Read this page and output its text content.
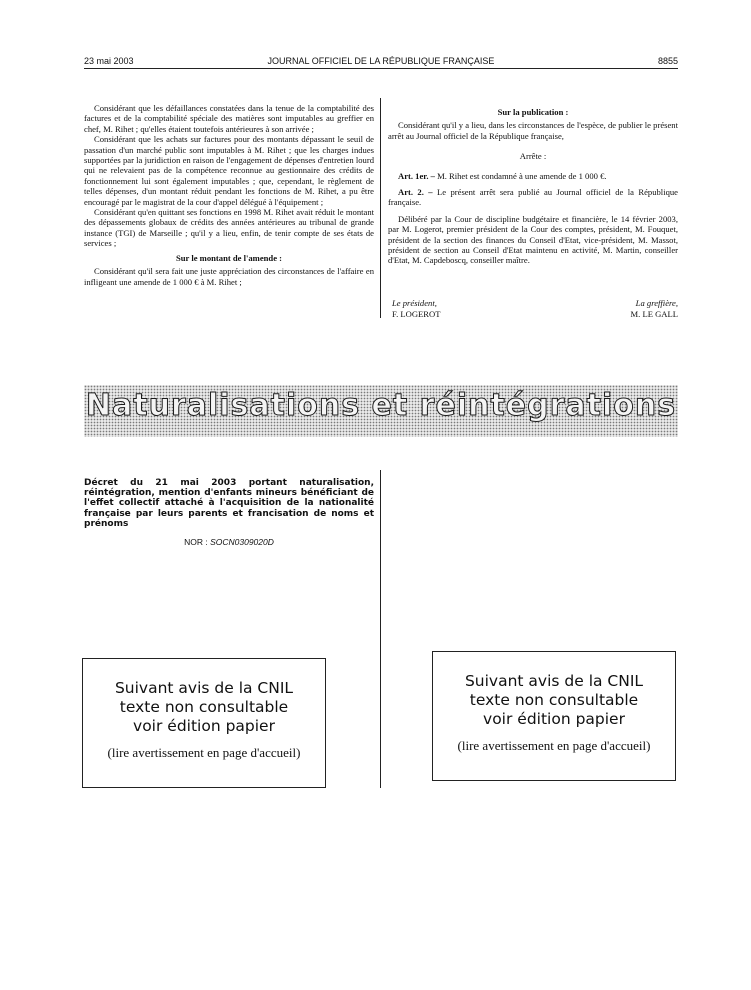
23 mai 2003	JOURNAL OFFICIEL DE LA RÉPUBLIQUE FRANÇAISE	8855

Considérant que les défaillances constatées dans la tenue de la comptabilité des factures et de la comptabilité spéciale des matières sont imputables au greffier en chef, M. Rihet ; qu'elles étaient toutefois antérieures à son arrivée ;

Considérant que les achats sur factures pour des montants dépassant le seuil de passation d'un marché public sont imputables à M. Rihet ; que les charges indues supportées par la juridiction en raison de l'engagement de dépenses d'entretien lourd qui ne relevaient pas de la compétence reconnue au gestionnaire des crédits de fonctionnement lui sont également imputables ; que, cependant, le règlement de telles dépenses, d'un montant réduit pendant les fonctions de M. Rihet, a pu être encouragé par le magistrat de la cour d'appel délégué à l'équipement ;

Considérant qu'en quittant ses fonctions en 1998 M. Rihet avait réduit le montant des dépassements globaux de crédits des années antérieures au tribunal de grande instance (TGI) de Marseille ; qu'il y a lieu, enfin, de tenir compte de ses états de services ;

Sur le montant de l'amende :

Considérant qu'il sera fait une juste appréciation des circonstances de l'affaire en infligeant une amende de 1 000 € à M. Rihet ;

Sur la publication :

Considérant qu'il y a lieu, dans les circonstances de l'espèce, de publier le présent arrêt au Journal officiel de la République française,

Arrête :

Art. 1er. – M. Rihet est condamné à une amende de 1 000 €.

Art. 2. – Le présent arrêt sera publié au Journal officiel de la République française.

Délibéré par la Cour de discipline budgétaire et financière, le 14 février 2003, par M. Logerot, premier président de la Cour des comptes, président, M. Fouquet, président de la section des finances du Conseil d'Etat, vice-président, M. Massot, président de section au Conseil d'Etat maintenu en activité, M. Martin, conseiller d'Etat, M. Capdeboscq, conseiller maître.

Le président,
F. LOGEROT
La greffière,
M. LE GALL
Naturalisations et réintégrations
Décret du 21 mai 2003 portant naturalisation, réintégration, mention d'enfants mineurs bénéficiant de l'effet collectif attaché à l'acquisition de la nationalité française par leurs parents et francisation de noms et prénoms
NOR : SOCN0309020D
Suivant avis de la CNIL
texte non consultable
voir édition papier
(lire avertissement en page d'accueil)
Suivant avis de la CNIL
texte non consultable
voir édition papier
(lire avertissement en page d'accueil)
